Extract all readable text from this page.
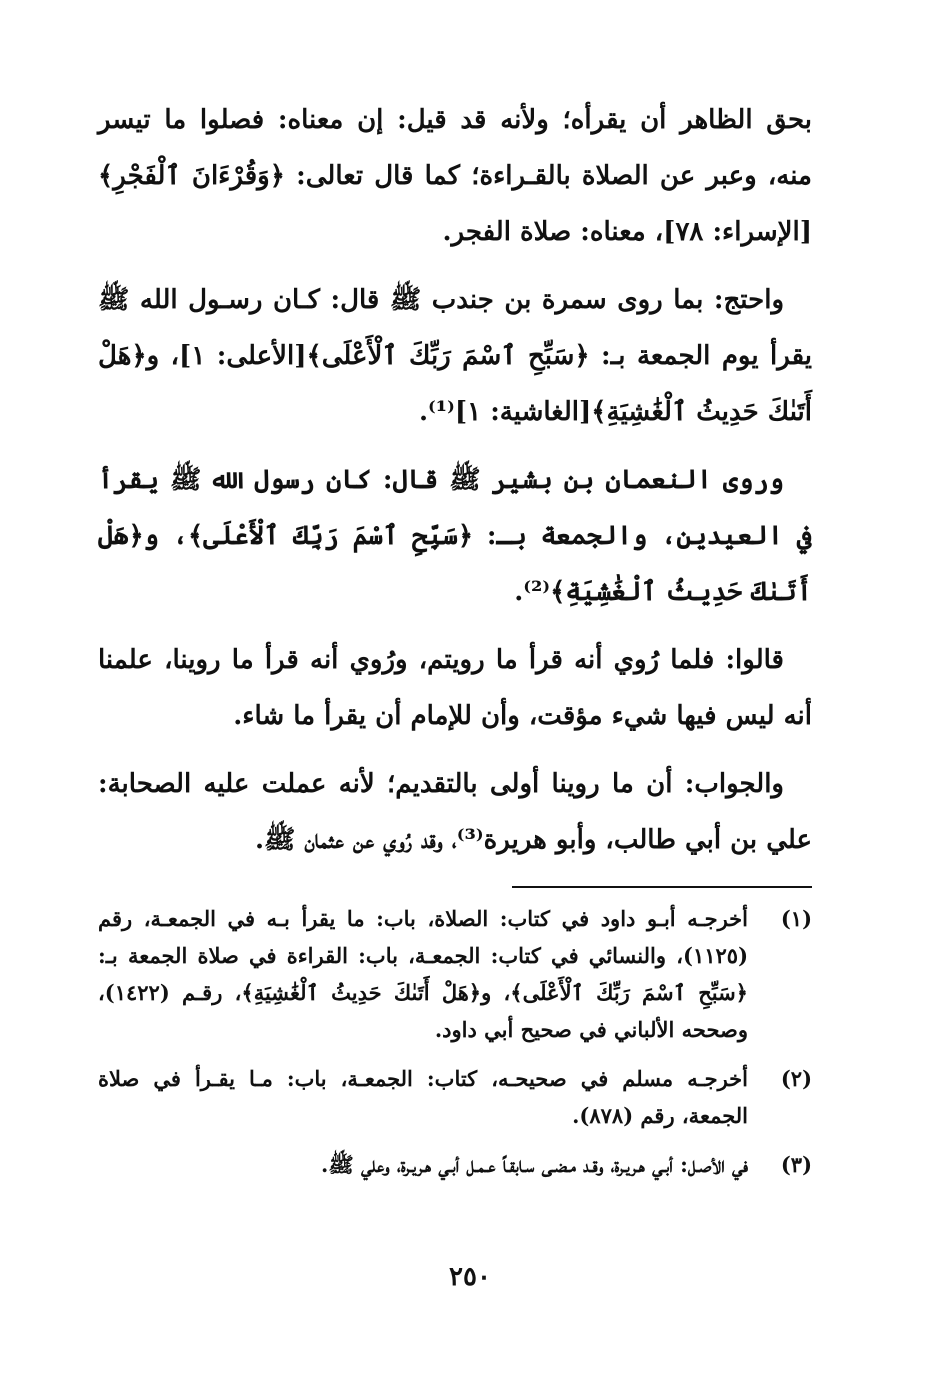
بحق الظاهر أن يقرأه؛ ولأنه قد قيل: إن معناه: فصلوا ما تيسر منه، وعبر عن الصلاة بالقـراءة؛ كما قال تعالى: ﴿وَقُرْءَانَ ٱلْفَجْرِ﴾[الإسراء: ٧٨]، معناه: صلاة الفجر.

واحتج: بما روى سمرة بن جندب ﷺ قال: كـان رسـول الله ﷺ يقرأ يوم الجمعة بـ: ﴿سَبِّحِ ٱسْمَ رَبِّكَ ٱلْأَعْلَى﴾[الأعلى: ١]، و﴿هَلْ أَتَىٰكَ حَدِيثُ ٱلْغَٰشِيَةِ﴾[الغاشية: ١]⁽¹⁾.

وروى النعمان بن بشير ﷺ قال: كان رسول الله ﷺ يقرأ في العيدين، والجمعة بـ: ﴿سَبِّحِ ٱسْمَ رَبِّكَ ٱلْأَعْلَى﴾، و﴿هَلْ أَتَىٰكَ حَدِيثُ ٱلْغَٰشِيَةِ﴾⁽²⁾.

قالوا: فلما رُوي أنه قرأ ما رويتم، ورُوي أنه قرأ ما روينا، علمنا أنه ليس فيها شيء مؤقت، وأن للإمام أن يقرأ ما شاء.

والجواب: أن ما روينا أولى بالتقديم؛ لأنه عملت عليه الصحابة: علي بن أبي طالب، وأبو هريرة⁽³⁾، وقد رُوي عن عثمان ﷺ.

(١)
أخرجـه أبـو داود في كتاب: الصلاة، باب: ما يقرأ بـه في الجمعـة، رقم (١١٢٥)، والنسائي في كتاب: الجمعـة، باب: القراءة في صلاة الجمعة بـ: ﴿سَبِّحِ ٱسْمَ رَبِّكَ ٱلْأَعْلَى﴾، و﴿هَلْ أَتَىٰكَ حَدِيثُ ٱلْغَٰشِيَةِ﴾، رقـم (١٤٢٢)، وصححه الألباني في صحيح أبي داود.
(٢)
أخرجـه مسلم في صحيحـه، كتاب: الجمعـة، باب: مـا يقـرأ في صلاة الجمعة، رقم (٨٧٨).
(٣)
في الأصـل: أبـي هـريـرة، وقـد مـضـى سـابقـاً عـمـل أبـي هـريـرة، وعلي ﷺ.
٢٥٠
